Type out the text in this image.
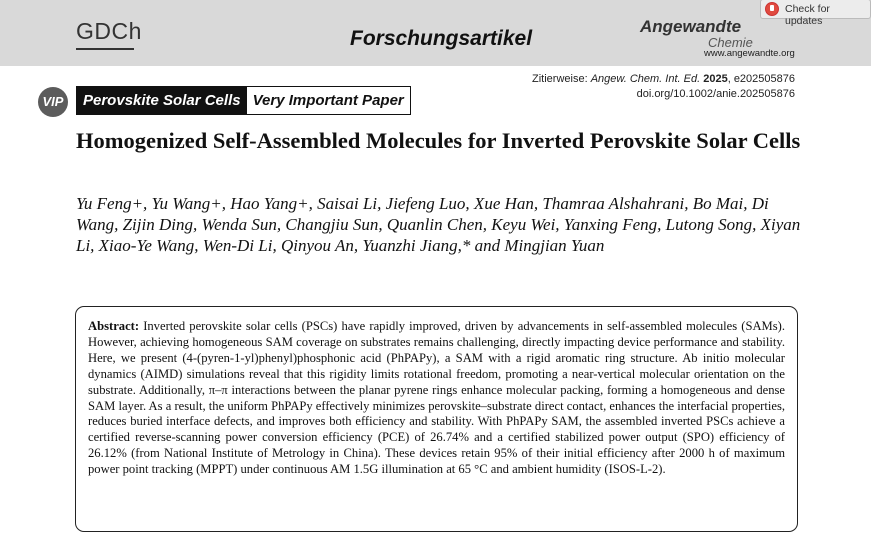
GDCh	Forschungsartikel
Angewandte
Chemie
www.angewandte.org
Check for updates
VIP	Perovskite Solar Cells Very Important Paper
Zitierweise: Angew. Chem. Int. Ed. 2025, e202505876
doi.org/10.1002/anie.202505876
Homogenized Self-Assembled Molecules for Inverted Perovskite Solar Cells
Yu Feng+, Yu Wang+, Hao Yang+, Saisai Li, Jiefeng Luo, Xue Han, Thamraa Alshahrani, Bo Mai, Di Wang, Zijin Ding, Wenda Sun, Changjiu Sun, Quanlin Chen, Keyu Wei, Yanxing Feng, Lutong Song, Xiyan Li, Xiao-Ye Wang, Wen-Di Li, Qinyou An, Yuanzhi Jiang,* and Mingjian Yuan

Abstract: Inverted perovskite solar cells (PSCs) have rapidly improved, driven by advancements in self-assembled molecules (SAMs). However, achieving homogeneous SAM coverage on substrates remains challenging, directly impacting device performance and stability. Here, we present (4-(pyren-1-yl)phenyl)phosphonic acid (PhPAPy), a SAM with a rigid aromatic ring structure. Ab initio molecular dynamics (AIMD) simulations reveal that this rigidity limits rotational freedom, promoting a near-vertical molecular orientation on the substrate. Additionally, π–π interactions between the planar pyrene rings enhance molecular packing, forming a homogeneous and dense SAM layer. As a result, the uniform PhPAPy effectively minimizes perovskite–substrate direct contact, enhances the interfacial properties, reduces buried interface defects, and improves both efficiency and stability. With PhPAPy SAM, the assembled inverted PSCs achieve a certified reverse-scanning power conversion efficiency (PCE) of 26.74% and a certified stabilized power output (SPO) efficiency of 26.12% (from National Institute of Metrology in China). These devices retain 95% of their initial efficiency after 2000 h of maximum power point tracking (MPPT) under continuous AM 1.5G illumination at 65 °C and ambient humidity (ISOS-L-2).
